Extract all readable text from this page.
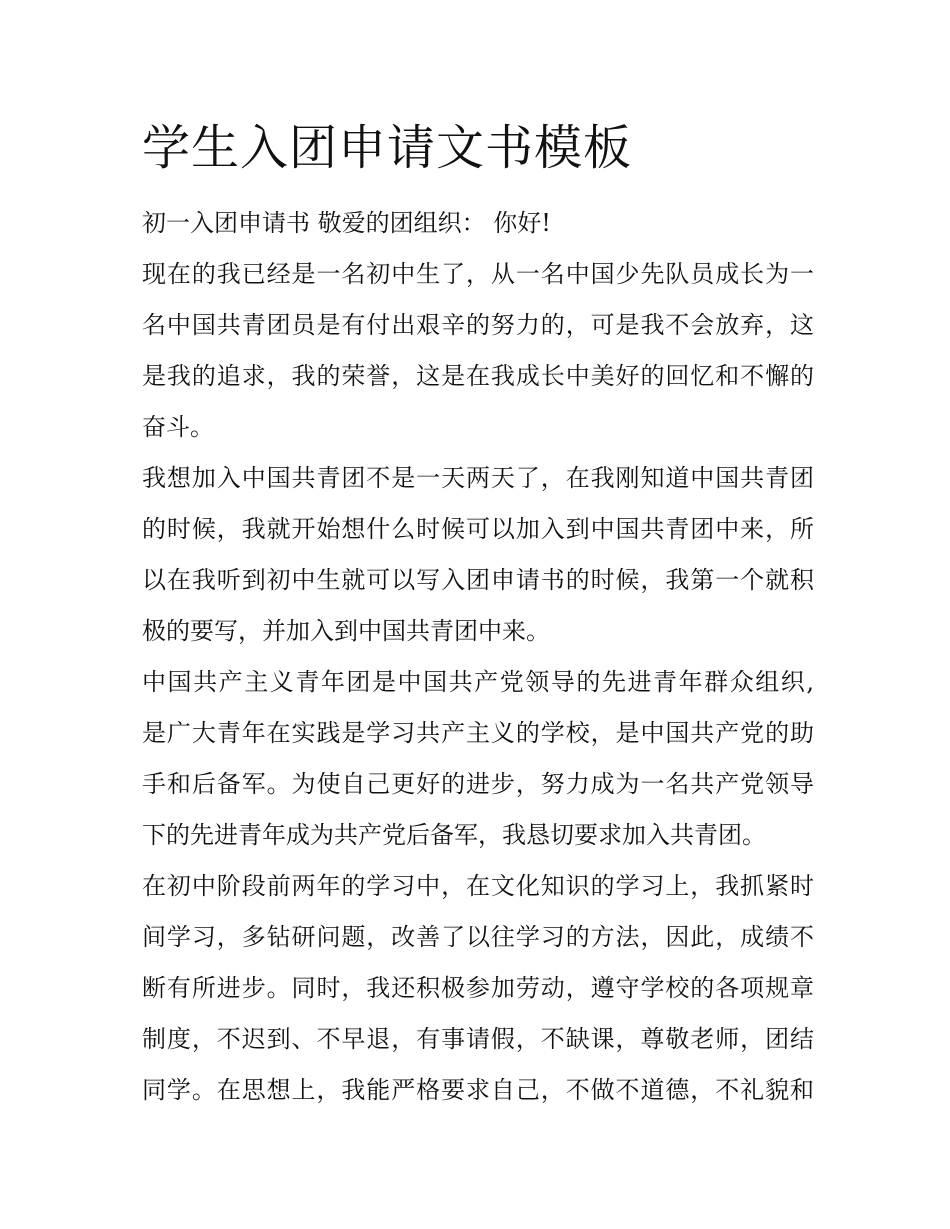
学生入团申请文书模板
初一入团申请书 敬爱的团组织： 你好!
现在的我已经是一名初中生了，从一名中国少先队员成长为一
名中国共青团员是有付出艰辛的努力的，可是我不会放弃，这
是我的追求，我的荣誉，这是在我成长中美好的回忆和不懈的
奋斗。
我想加入中国共青团不是一天两天了，在我刚知道中国共青团
的时候，我就开始想什么时候可以加入到中国共青团中来，所
以在我听到初中生就可以写入团申请书的时候，我第一个就积
极的要写，并加入到中国共青团中来。
中国共产主义青年团是中国共产党领导的先进青年群众组织,
是广大青年在实践是学习共产主义的学校，是中国共产党的助
手和后备军。为使自己更好的进步，努力成为一名共产党领导
下的先进青年成为共产党后备军，我恳切要求加入共青团。
在初中阶段前两年的学习中，在文化知识的学习上，我抓紧时
间学习，多钻研问题，改善了以往学习的方法，因此，成绩不
断有所进步。同时，我还积极参加劳动，遵守学校的各项规章
制度，不迟到、不早退，有事请假，不缺课，尊敬老师，团结
同学。在思想上，我能严格要求自己，不做不道德，不礼貌和
